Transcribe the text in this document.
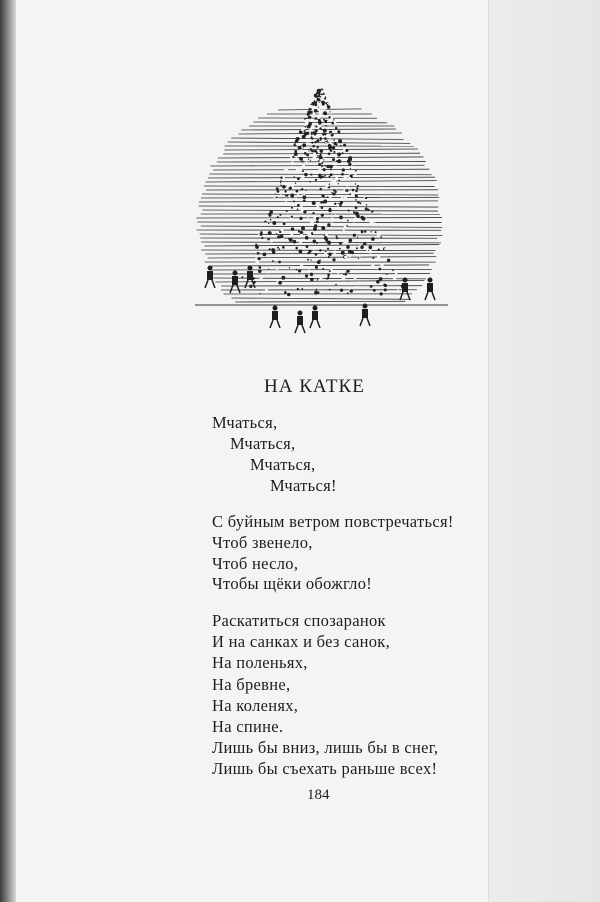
НА КАТКЕ
Мчаться,
Мчаться,
Мчаться,
Мчаться!
С буйным ветром повстречаться!
Чтоб звенело,
Чтоб несло,
Чтобы щёки обожгло!
Раскатиться спозаранок
И на санках и без санок,
На поленьях,
На бревне,
На коленях,
На спине.
Лишь бы вниз, лишь бы в снег,
Лишь бы съехать раньше всех!
184
